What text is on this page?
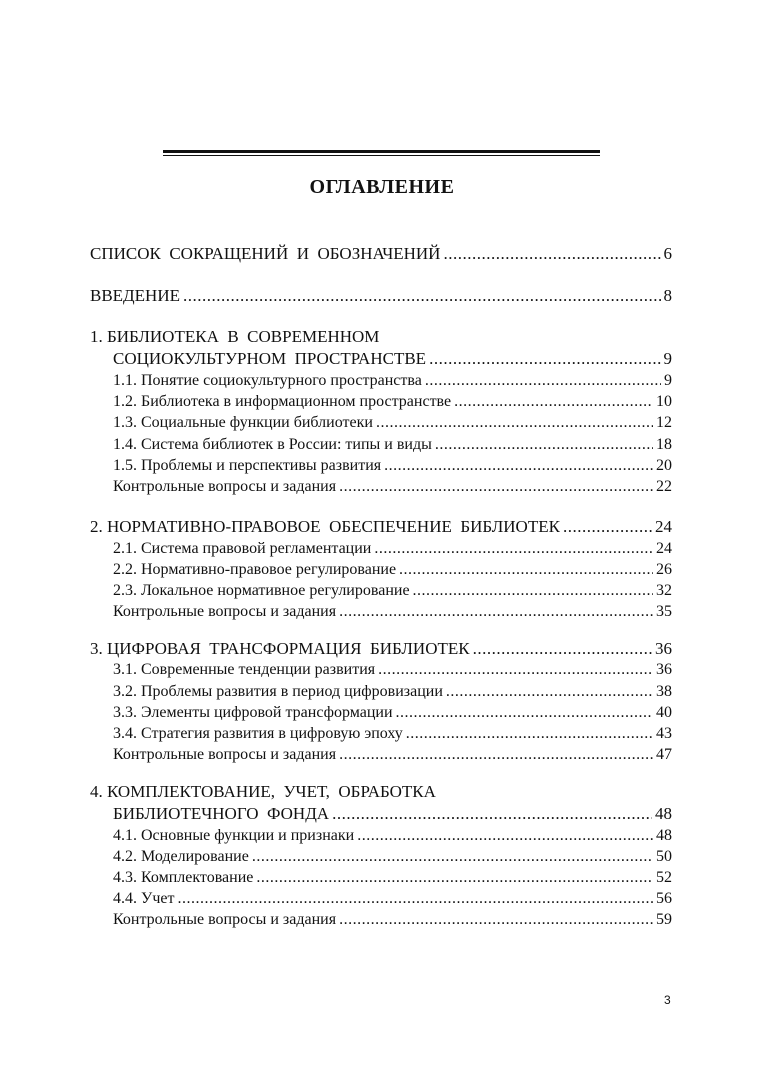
ОГЛАВЛЕНИЕ
СПИСОК  СОКРАЩЕНИЙ  И  ОБОЗНАЧЕНИЙ .....	6
ВВЕДЕНИЕ .....	8
1. БИБЛИОТЕКА  В  СОВРЕМЕННОМ
СОЦИОКУЛЬТУРНОМ  ПРОСТРАНСТВЕ .....	9
1.1. Понятие социокультурного пространства .....	9
1.2. Библиотека в информационном пространстве .....	10
1.3. Социальные функции библиотеки .....	12
1.4. Система библиотек в России: типы и виды .....	18
1.5. Проблемы и перспективы развития .....	20
Контрольные вопросы и задания .....	22
2. НОРМАТИВНО-ПРАВОВОЕ  ОБЕСПЕЧЕНИЕ  БИБЛИОТЕК .....	24
2.1. Система правовой регламентации .....	24
2.2. Нормативно-правовое регулирование .....	26
2.3. Локальное нормативное регулирование .....	32
Контрольные вопросы и задания .....	35
3. ЦИФРОВАЯ  ТРАНСФОРМАЦИЯ  БИБЛИОТЕК .....	36
3.1. Современные тенденции развития .....	36
3.2. Проблемы развития в период цифровизации .....	38
3.3. Элементы цифровой трансформации .....	40
3.4. Стратегия развития в цифровую эпоху .....	43
Контрольные вопросы и задания .....	47
4. КОМПЛЕКТОВАНИЕ,  УЧЕТ,  ОБРАБОТКА
БИБЛИОТЕЧНОГО  ФОНДА .....	48
4.1. Основные функции и признаки .....	48
4.2. Моделирование .....	50
4.3. Комплектование .....	52
4.4. Учет .....	56
Контрольные вопросы и задания .....	59
3
